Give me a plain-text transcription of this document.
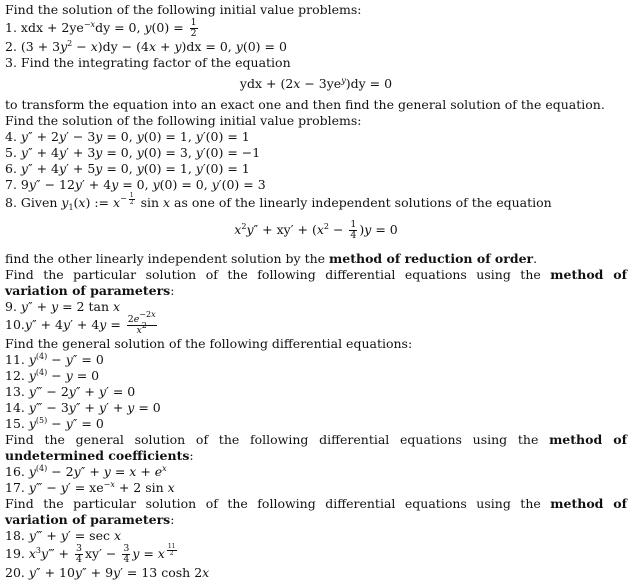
Find the solution of the following initial value problems:
1. xdx + $2ye^{-x}dy = 0$, $y(0) = \frac{1}{2}$
2. $(3 + 3y^2 - x)dy - (4x + y)dx = 0$, y(0) = 0
3. Find the integrating factor of the equation
ydx + $(2x - 3ye^y)dy = 0$
to transform the equation into an exact one and then find the general solution of the equation.
Find the solution of the following initial value problems:
4. y″ + 2y′ − 3y = 0, y(0) = 1, y′(0) = 1
5. y″ + 4y′ + 3y = 0, y(0) = 3, y′(0) = −1
6. y″ + 4y′ + 5y = 0, y(0) = 1, y′(0) = 1
7. 9y″ − 12y′ + 4y = 0, y(0) = 0, y′(0) = 3
8. Given $y_1(x)$ := $x^{- \frac{1}{2}}$ sin x as one of the linearly independent solutions of the equation
$x^2y'' + xy' + (x^2 - \frac{1}{4} )y = 0$
find the other linearly independent solution by the method of reduction of order.
Find the particular solution of the following differential equations using the method of variation of parameters:
9. y″ + y = 2 tan x
$10.y'' + 4y' + 4y = \frac{2e^{-2x}}{x^2}$
Find the general solution of the following differential equations:
11. $y^{(4)} - y'' = 0$
12. $y^{(4)} - y = 0$
13. y‴ − 2y″ + y′ = 0
14. y‴ − 3y″ + y′ + y = 0
15. $y^{(5)} - y'' = 0$
Find the general solution of the following differential equations using the method of undetermined coefficients:
16. $y^{(4)} - 2y'' + y = x + e^x$
17. y‴ − $y' = xe^{-x} + 2$ sin x
Find the particular solution of the following differential equations using the method of variation of parameters:
18. y‴ + y′ = sec x
19. $x^3y‴ + \frac{3}{4} xy' - \frac{3}{4}$ y = x $^{\frac{11}{2}}$
20. y″ + 10y″ + 9y′ = 13 cosh 2x
